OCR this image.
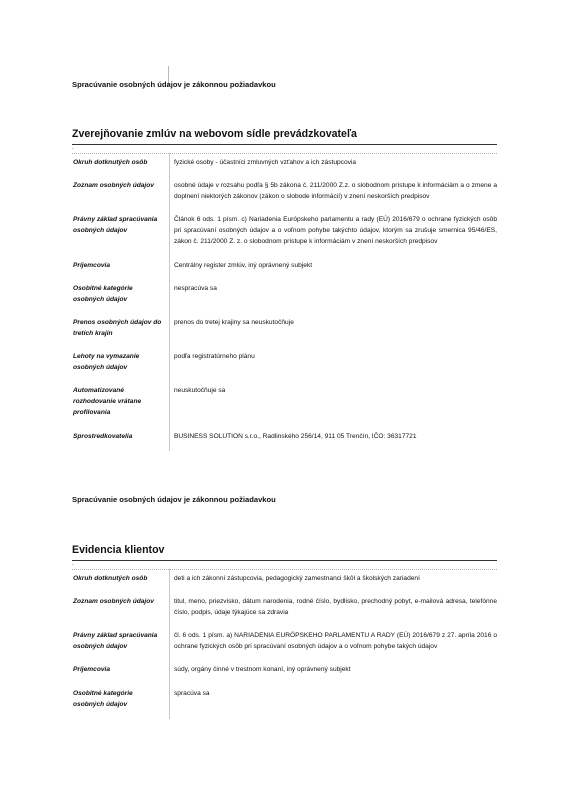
Spracúvanie osobných údajov je zákonnou požiadavkou
Zverejňovanie zmlúv na webovom sídle prevádzkovateľa
.
Okruh dotknutých osôb	fyzické osoby - účastníci zmluvných vzťahov a ich zástupcovia
Zoznam osobných údajov	osobné údaje v rozsahu podľa § 5b zákona č. 211/2000 Z.z. o slobodnom prístupe k informáciám a o zmene a doplnení niektorých zákonov (zákon o slobode informácií) v znení neskorších predpisov
Právny základ spracúvania osobných údajov	Článok 6 ods. 1 písm. c) Nariadenia Európskeho parlamentu a rady (EÚ) 2016/679 o ochrane fyzických osôb pri spracúvaní osobných údajov a o voľnom pohybe takýchto údajov, ktorým sa zrušuje smernica 95/46/ES, zákon č. 211/2000 Z. z. o slobodnom prístupe k informáciám v znení neskorších predpisov
Príjemcovia	Centrálny register zmlúv, iný oprávnený subjekt
Osobitné kategórie osobných údajov	nespracúva sa
Prenos osobných údajov do tretích krajín	prenos do tretej krajiny sa neuskutočňuje
Lehoty na vymazanie osobných údajov	podľa registratúrneho plánu
Automatizované rozhodovanie vrátane profilovania	neuskutočňuje sa
Sprostredkovatelia	BUSINESS SOLUTION s.r.o., Radlinského 256/14, 911 05 Trenčín, IČO: 36317721
Spracúvanie osobných údajov je zákonnou požiadavkou
Evidencia klientov
.
Okruh dotknutých osôb	deti a ich zákonní zástupcovia, pedagogický zamestnanci škôl a školských zariadení
Zoznam osobných údajov	titul, meno, priezvisko, dátum narodenia, rodné číslo, bydlisko, prechodný pobyt, e-mailová adresa, telefónne číslo, podpis, údaje týkajúce sa zdravia
Právny základ spracúvania osobných údajov	čl. 6 ods. 1 písm. a) NARIADENIA EURÓPSKEHO PARLAMENTU A RADY (EÚ) 2016/679 z 27. apríla 2016 o ochrane fyzických osôb pri spracúvaní osobných údajov a o voľnom pohybe takých údajov
Príjemcovia	súdy, orgány činné v trestnom konaní, iný oprávnený subjekt
Osobitné kategórie osobných údajov	spracúva sa
